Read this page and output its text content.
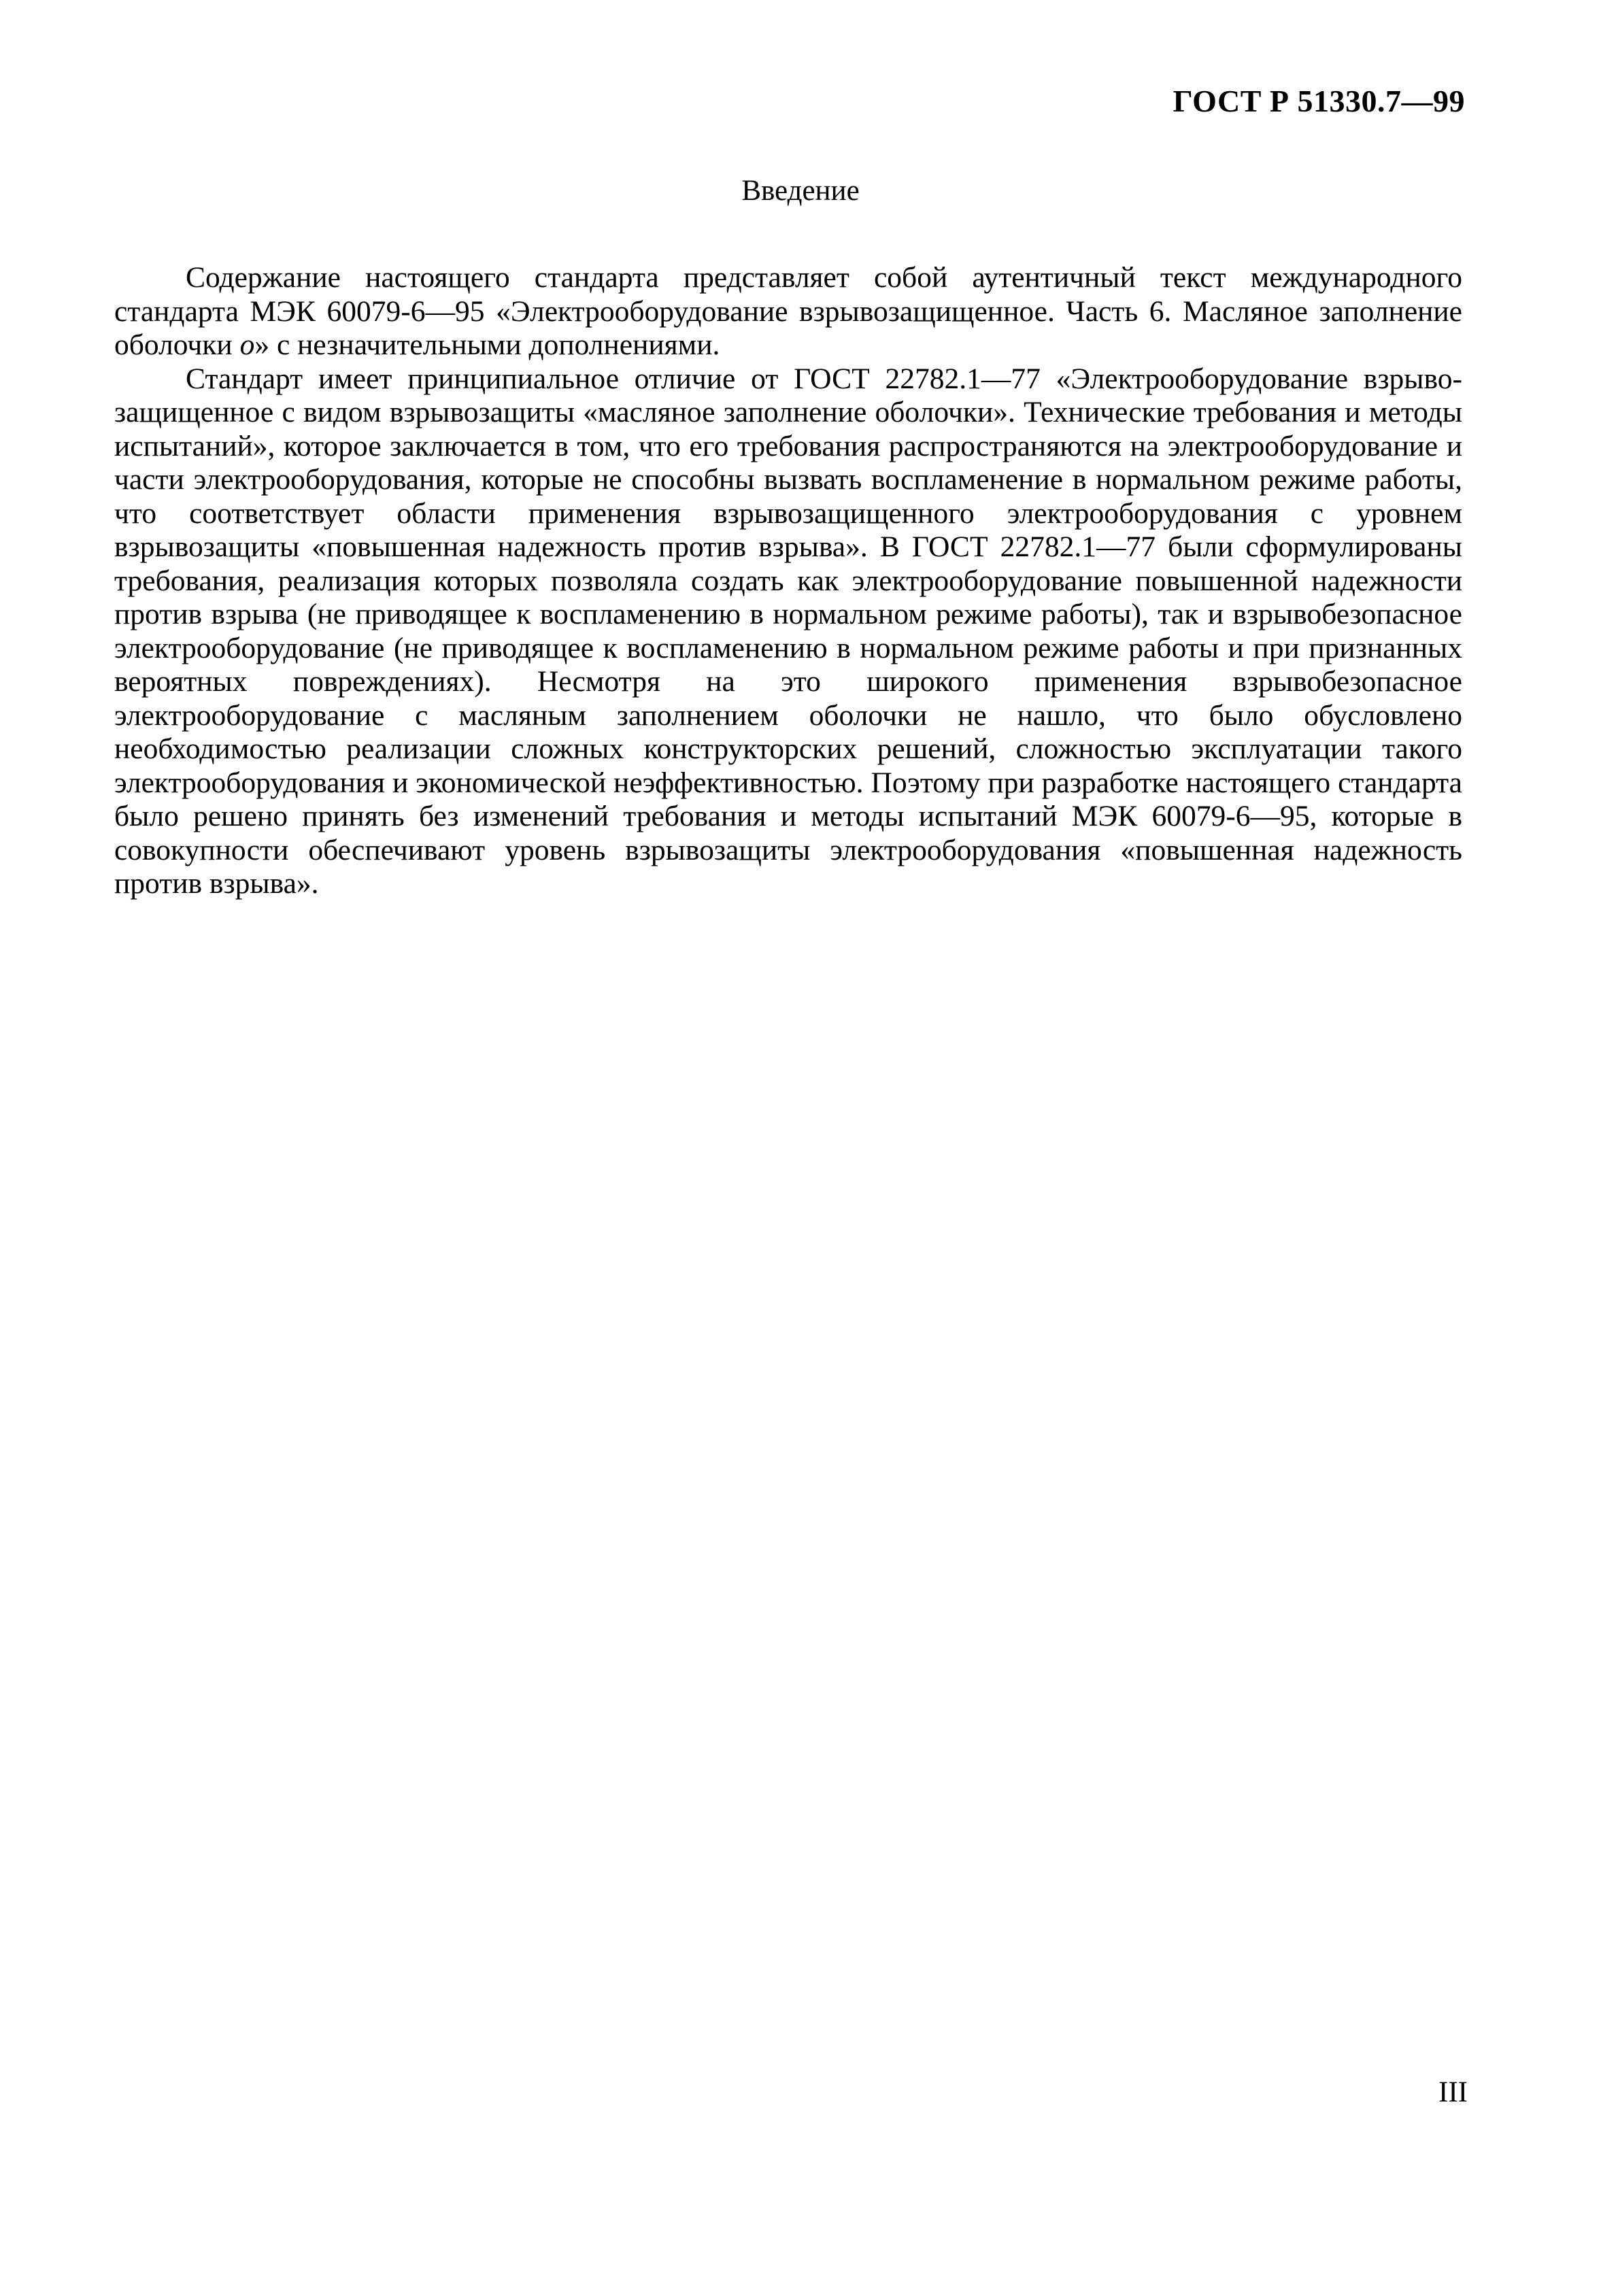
ГОСТ Р 51330.7—99
Введение

Содержание настоящего стандарта представляет собой аутентичный текст международного стандарта МЭК 60079-6—95 «Электрооборудование взрывозащищенное. Часть 6. Масляное заполнение оболочки о» с незначительными дополнениями.

Стандарт имеет принципиальное отличие от ГОСТ 22782.1—77 «Электрооборудование взрывозащищенное с видом взрывозащиты «масляное заполнение оболочки». Технические требования и методы испытаний», которое заключается в том, что его требования распространяются на электрооборудование и части электрооборудования, которые не способны вызвать воспламенение в нормальном режиме работы, что соответствует области применения взрывозащищенного электрооборудования с уровнем взрывозащиты «повышенная надежность против взрыва». В ГОСТ 22782.1—77 были сформулированы требования, реализация которых позволяла создать как электрооборудование повышенной надежности против взрыва (не приводящее к воспламенению в нормальном режиме работы), так и взрывобезопасное электрооборудование (не приводящее к воспламенению в нормальном режиме работы и при признанных вероятных повреждениях). Несмотря на это широкого применения взрывобезопасное электрооборудование с масляным заполнением оболочки не нашло, что было обусловлено необходимостью реализации сложных конструкторских решений, сложностью эксплуатации такого электрооборудования и экономической неэффективностью. Поэтому при разработке настоящего стандарта было решено принять без изменений требования и методы испытаний МЭК 60079-6—95, которые в совокупности обеспечивают уровень взрывозащиты электрооборудования «повышенная надежность против взрыва».

III
